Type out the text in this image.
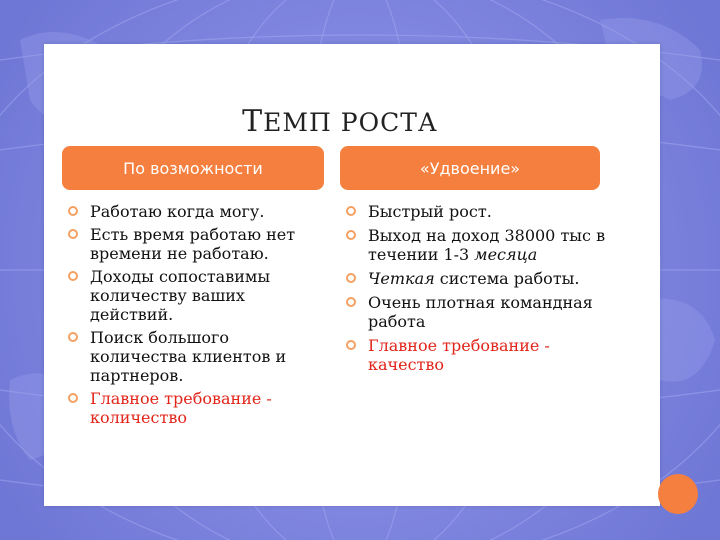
ТЕМП РОСТА
По возможности	«Удвоение»
Работаю когда могу.
Есть время работаю нет времени не работаю.
Доходы сопоставимы количеству ваших действий.
Поиск большого количества клиентов и партнеров.
Главное требование - количество
Быстрый рост.
Выход на доход 38000 тыс в течении 1-3 месяца
Четкая система работы.
Очень плотная командная работа
Главное требование - качество
